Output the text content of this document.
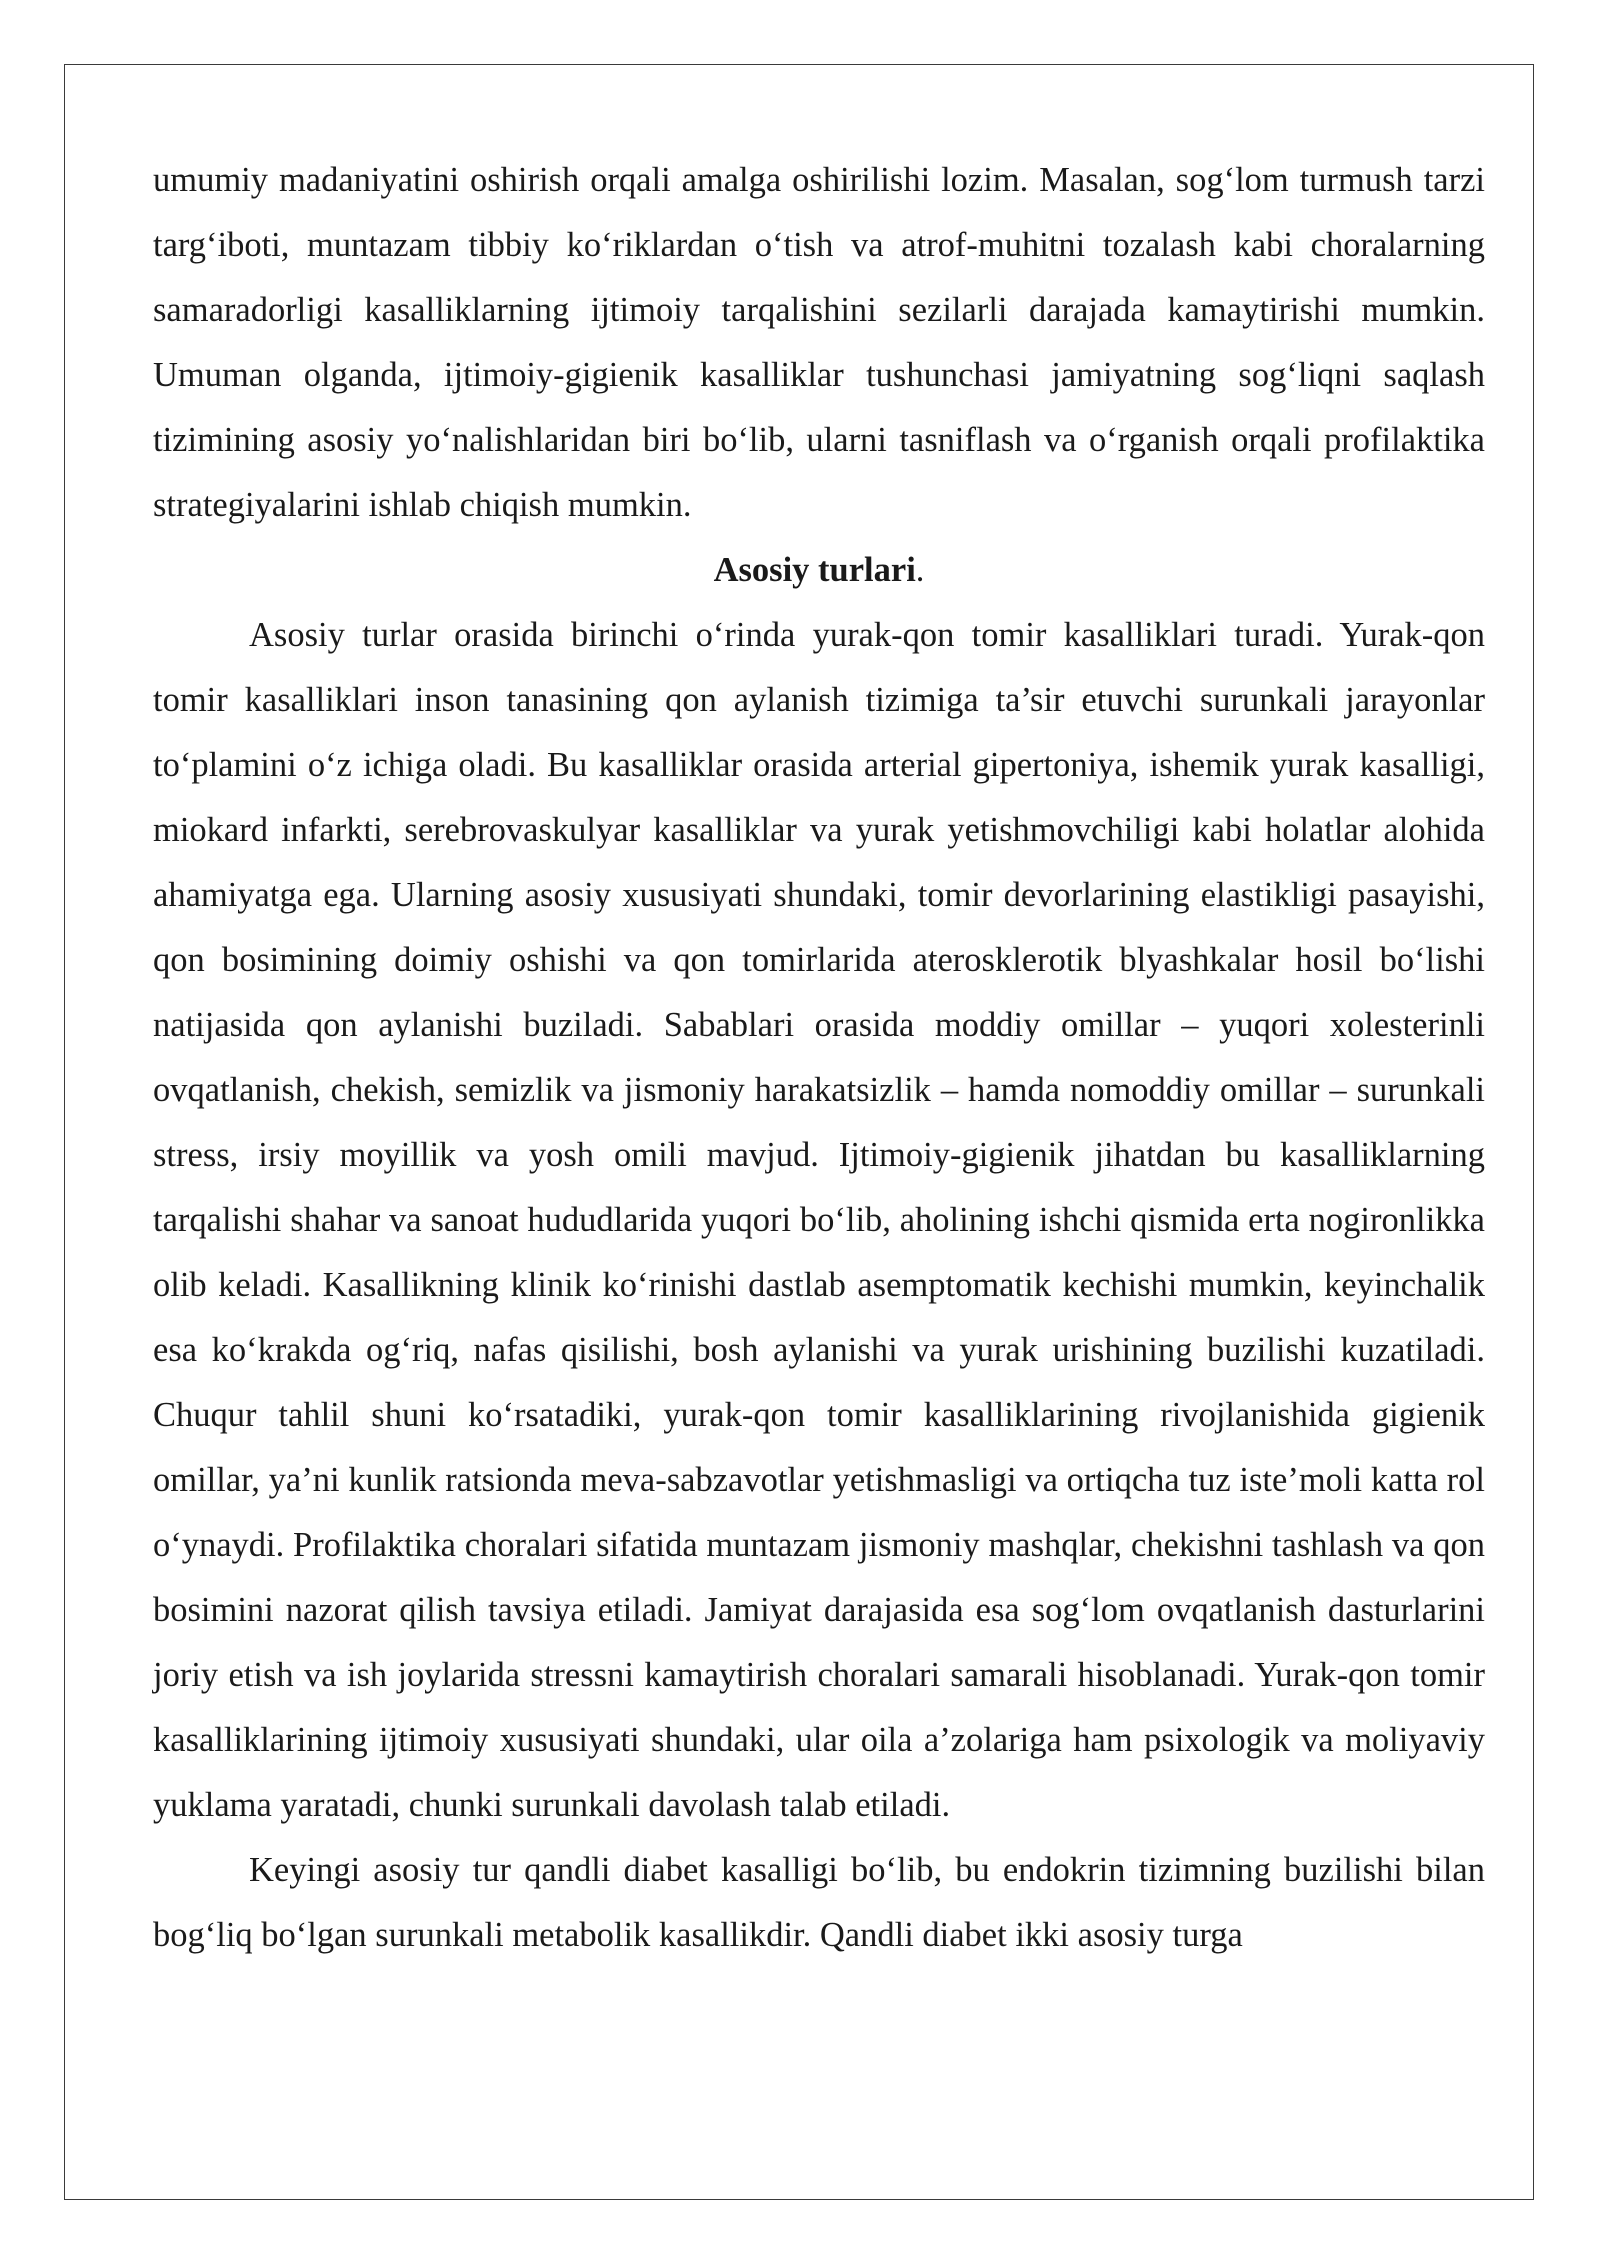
umumiy madaniyatini oshirish orqali amalga oshirilishi lozim. Masalan, sog‘lom turmush tarzi targ‘iboti, muntazam tibbiy ko‘riklardan o‘tish va atrof-muhitni tozalash kabi choralarning samaradorligi kasalliklarning ijtimoiy tarqalishini sezilarli darajada kamaytirishi mumkin. Umuman olganda, ijtimoiy-gigienik kasalliklar tushunchasi jamiyatning sog‘liqni saqlash tizimining asosiy yo‘nalishlaridan biri bo‘lib, ularni tasniflash va o‘rganish orqali profilaktika strategiyalarini ishlab chiqish mumkin.

Asosiy turlari.

Asosiy turlar orasida birinchi o‘rinda yurak-qon tomir kasalliklari turadi. Yurak-qon tomir kasalliklari inson tanasining qon aylanish tizimiga ta’sir etuvchi surunkali jarayonlar to‘plamini o‘z ichiga oladi. Bu kasalliklar orasida arterial gipertoniya, ishemik yurak kasalligi, miokard infarkti, serebrovaskulyar kasalliklar va yurak yetishmovchiligi kabi holatlar alohida ahamiyatga ega. Ularning asosiy xususiyati shundaki, tomir devorlarining elastikligi pasayishi, qon bosimining doimiy oshishi va qon tomirlarida aterosklerotik blyashkalar hosil bo‘lishi natijasida qon aylanishi buziladi. Sabablari orasida moddiy omillar – yuqori xolesterinli ovqatlanish, chekish, semizlik va jismoniy harakatsizlik – hamda nomoddiy omillar – surunkali stress, irsiy moyillik va yosh omili mavjud. Ijtimoiy-gigienik jihatdan bu kasalliklarning tarqalishi shahar va sanoat hududlarida yuqori bo‘lib, aholining ishchi qismida erta nogironlikka olib keladi. Kasallikning klinik ko‘rinishi dastlab asemptomatik kechishi mumkin, keyinchalik esa ko‘krakda og‘riq, nafas qisilishi, bosh aylanishi va yurak urishining buzilishi kuzatiladi. Chuqur tahlil shuni ko‘rsatadiki, yurak-qon tomir kasalliklarining rivojlanishida gigienik omillar, ya’ni kunlik ratsionda meva-sabzavotlar yetishmasligi va ortiqcha tuz iste’moli katta rol o‘ynaydi. Profilaktika choralari sifatida muntazam jismoniy mashqlar, chekishni tashlash va qon bosimini nazorat qilish tavsiya etiladi. Jamiyat darajasida esa sog‘lom ovqatlanish dasturlarini joriy etish va ish joylarida stressni kamaytirish choralari samarali hisoblanadi. Yurak-qon tomir kasalliklarining ijtimoiy xususiyati shundaki, ular oila a’zolariga ham psixologik va moliyaviy yuklama yaratadi, chunki surunkali davolash talab etiladi.

Keyingi asosiy tur qandli diabet kasalligi bo‘lib, bu endokrin tizimning buzilishi bilan bog‘liq bo‘lgan surunkali metabolik kasallikdir. Qandli diabet ikki asosiy turga
